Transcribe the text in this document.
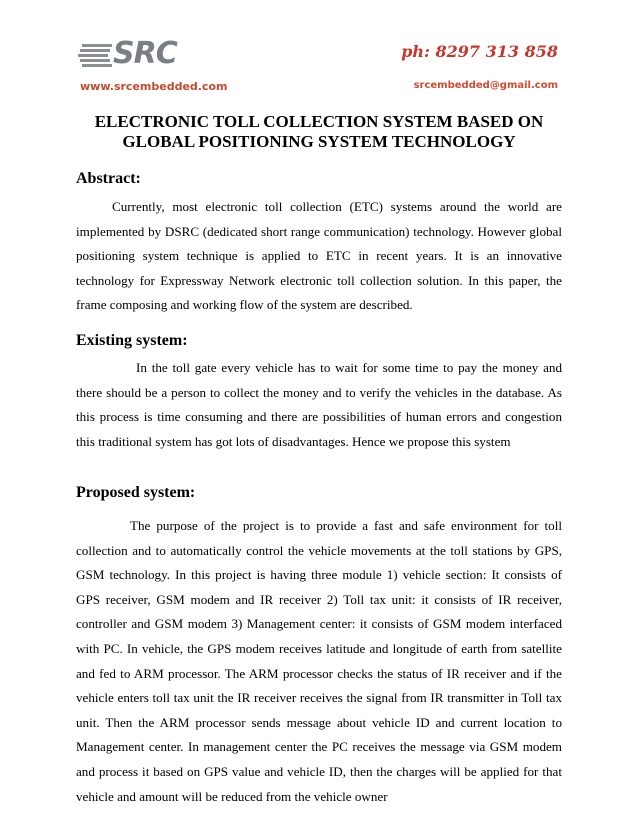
SRC
www.srcembedded.com
ph: 8297 313 858
srcembedded@gmail.com
ELECTRONIC TOLL COLLECTION SYSTEM BASED ON
GLOBAL POSITIONING SYSTEM TECHNOLOGY
Abstract:

Currently, most electronic toll collection (ETC) systems around the world are implemented by DSRC (dedicated short range communication) technology. However global positioning system technique is applied to ETC in recent years. It is an innovative technology for Expressway Network electronic toll collection solution. In this paper, the frame composing and working flow of the system are described.

Existing system:

In the toll gate every vehicle has to wait for some time to pay the money and there should be a person to collect the money and to verify the vehicles in the database. As this process is time consuming and there are possibilities of human errors and congestion this traditional system has got lots of disadvantages. Hence we propose this system

Proposed system:

The purpose of the project is to provide a fast and safe environment for toll collection and to automatically control the vehicle movements at the toll stations by GPS, GSM technology. In this project is having three module 1) vehicle section: It consists of GPS receiver, GSM modem and IR receiver 2) Toll tax unit: it consists of IR receiver, controller and GSM modem 3) Management center: it consists of GSM modem interfaced with PC. In vehicle, the GPS modem receives latitude and longitude of earth from satellite and fed to ARM processor. The ARM processor checks the status of IR receiver and if the vehicle enters toll tax unit the IR receiver receives the signal from IR transmitter in Toll tax unit. Then the ARM processor sends message about vehicle ID and current location to Management center. In management center the PC receives the message via GSM modem and process it based on GPS value and vehicle ID, then the charges will be applied for that vehicle and amount will be reduced from the vehicle owner
